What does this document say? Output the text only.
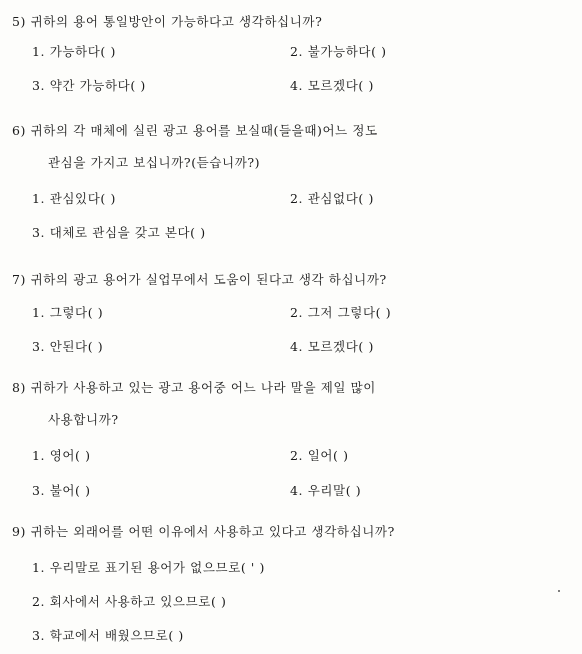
5) 귀하의 용어 통일방안이 가능하다고 생각하십니까?
1. 가능하다( )	2. 불가능하다( )
3. 약간 가능하다( )	4. 모르겠다( )
6) 귀하의 각 매체에 실린 광고 용어를 보실때(들을때)어느 정도
관심을 가지고 보십니까?(듣습니까?)
1. 관심있다( )	2. 관심없다( )
3. 대체로 관심을 갖고 본다( )
7) 귀하의 광고 용어가 실업무에서 도움이 된다고 생각 하십니까?
1. 그렇다( )	2. 그저 그렇다( )
3. 안된다( )	4. 모르겠다( )
8) 귀하가 사용하고 있는 광고 용어중 어느 나라 말을 제일 많이
사용합니까?
1. 영어( )	2. 일어( )
3. 불어( )	4. 우리말( )
9) 귀하는 외래어를 어떤 이유에서 사용하고 있다고 생각하십니까?
1. 우리말로 표기된 용어가 없으므로( ' )
2. 회사에서 사용하고 있으므로( )
3. 학교에서 배웠으므로( )
